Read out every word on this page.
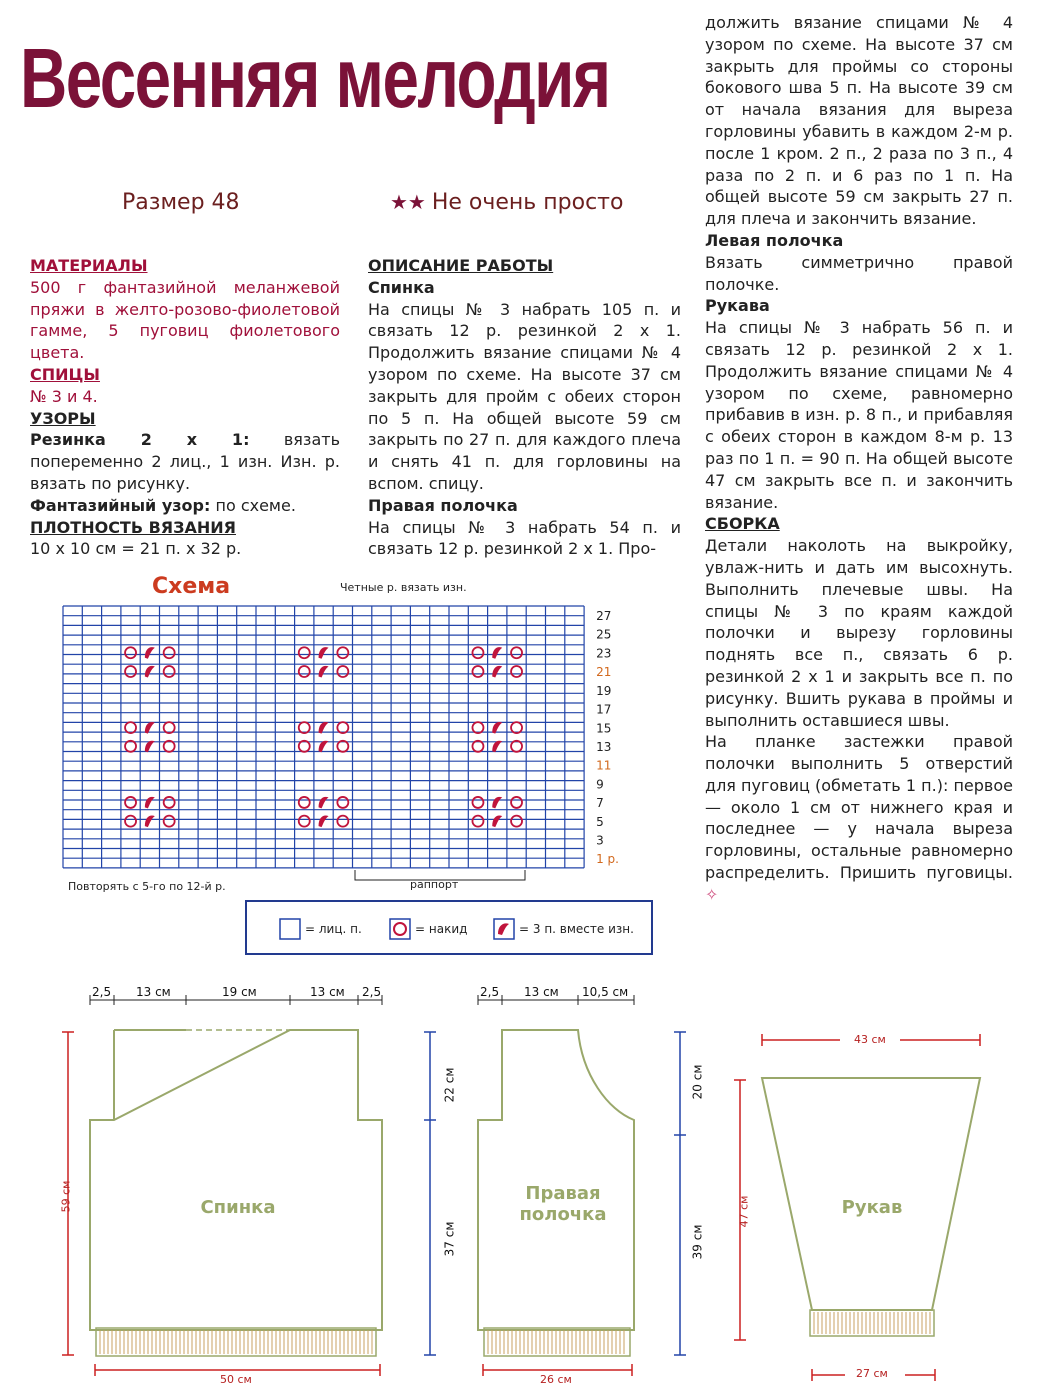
Весенняя мелодия
Размер 48	★★ Не очень просто

МАТЕРИАЛЫ

500 г фантазийной меланжевой пряжи в желто-розово-фиолетовой гамме, 5 пуговиц фиолетового цвета.

СПИЦЫ

№ 3 и 4.

УЗОРЫ

Резинка 2 х 1: вязать попеременно 2 лиц., 1 изн. Изн. р. вязать по рисунку.

Фантазийный узор: по схеме.

ПЛОТНОСТЬ ВЯЗАНИЯ

10 х 10 см = 21 п. х 32 р.

ОПИСАНИЕ РАБОТЫ

Спинка

На спицы № 3 набрать 105 п. и связать 12 р. резинкой 2 х 1. Продолжить вязание спицами № 4 узором по схеме. На высоте 37 см закрыть для пройм с обеих сторон по 5 п. На общей высоте 59 см закрыть по 27 п. для каждого плеча и снять 41 п. для горловины на вспом. спицу.

Правая полочка

На спицы № 3 набрать 54 п. и связать 12 р. резинкой 2 х 1. Про-

должить вязание спицами № 4 узором по схеме. На высоте 37 см закрыть для проймы со стороны бокового шва 5 п. На высоте 39 см от начала вязания для выреза горловины убавить в каждом 2-м р. после 1 кром. 2 п., 2 раза по 3 п., 4 раза по 2 п. и 6 раз по 1 п. На общей высоте 59 см закрыть 27 п. для плеча и закончить вязание.

Левая полочка

Вязать симметрично правой полочке.

Рукава

На спицы № 3 набрать 56 п. и связать 12 р. резинкой 2 х 1. Продолжить вязание спицами № 4 узором по схеме, равномерно прибавив в изн. р. 8 п., и прибавляя с обеих сторон в каждом 8-м р. 13 раз по 1 п. = 90 п. На общей высоте 47 см закрыть все п. и закончить вязание.

СБОРКА

Детали наколоть на выкройку, увлаж-нить и дать им высохнуть. Выполнить плечевые швы. На спицы № 3 по краям каждой полочки и вырезу горловины поднять все п., связать 6 р. резинкой 2 х 1 и закрыть все п. по рисунку. Вшить рукава в проймы и выполнить оставшиеся швы.

На планке застежки правой полочки выполнить 5 отверстий для пуговиц (обметать 1 п.): первое — около 1 см от нижнего края и последнее — у начала выреза горловины, остальные равномерно распределить. Пришить пуговицы. ✧

Схема	Четные р. вязать изн.
27
25
23
21
19
17
15
13
11
9
7
5
3
1 р.
Повторять с 5-го по 12-й р.	раппорт
= лиц. п.	= накид	= 3 п. вместе изн.
2,5 13 см	19 см	13 см 2,5
59 см
22 см
37 см
50 см
Спинка
2,5 13 см 10,5 см
20 см
39 см
26 см
Правая
полочка
43 см
47 см
27 см
Рукав
